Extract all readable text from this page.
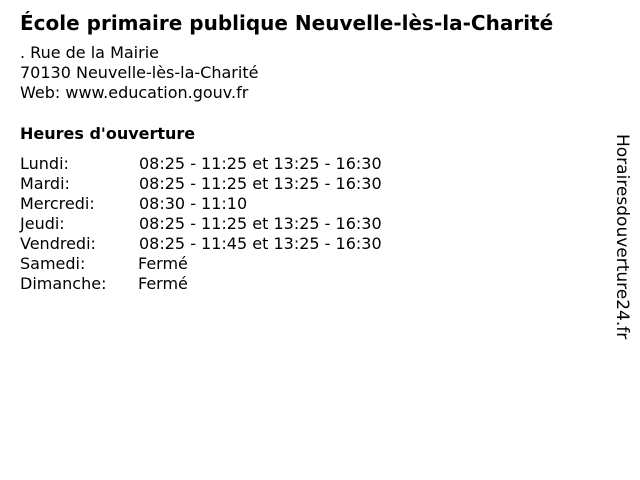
École primaire publique Neuvelle-lès-la-Charité
. Rue de la Mairie
70130 Neuvelle-lès-la-Charité
Web: www.education.gouv.fr
Heures d'ouverture
Lundi:	08:25 - 11:25 et 13:25 - 16:30
Mardi:	08:25 - 11:25 et 13:25 - 16:30
Mercredi:	08:30 - 11:10
Jeudi:	08:25 - 11:25 et 13:25 - 16:30
Vendredi:	08:25 - 11:45 et 13:25 - 16:30
Samedi:	Fermé
Dimanche: Fermé	Horairesdouverture24.fr
